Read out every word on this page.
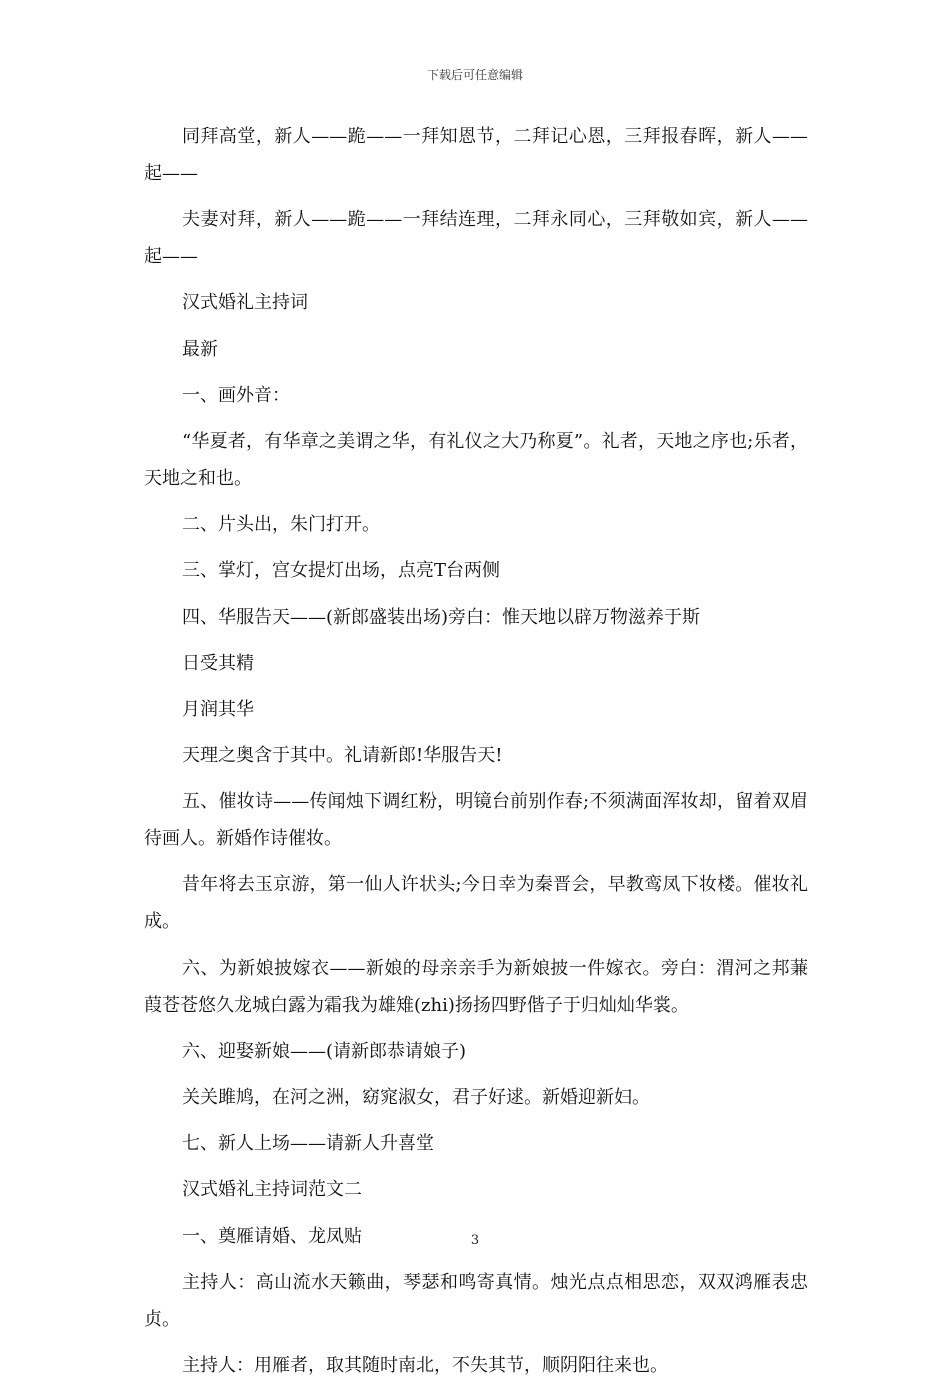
下载后可任意编辑

同拜高堂，新人——跪——一拜知恩节，二拜记心恩，三拜报春晖，新人——起——

夫妻对拜，新人——跪——一拜结连理，二拜永同心，三拜敬如宾，新人——起——

汉式婚礼主持词

最新

一、画外音：

“华夏者，有华章之美谓之华，有礼仪之大乃称夏”。礼者，天地之序也;乐者，天地之和也。

二、片头出，朱门打开。

三、掌灯，宫女提灯出场，点亮T台两侧

四、华服告天——(新郎盛装出场)旁白：惟天地以辟万物滋养于斯

日受其精

月润其华

天理之奥含于其中。礼请新郎!华服告天!

五、催妆诗——传闻烛下调红粉，明镜台前别作春;不须满面浑妆却，留着双眉待画人。新婚作诗催妆。

昔年将去玉京游，第一仙人许状头;今日幸为秦晋会，早教鸾凤下妆楼。催妆礼成。

六、为新娘披嫁衣——新娘的母亲亲手为新娘披一件嫁衣。旁白：渭河之邦蒹葭苍苍悠久龙城白露为霜我为雄雉(zhi)扬扬四野偕子于归灿灿华裳。

六、迎娶新娘——(请新郎恭请娘子)

关关雎鸠，在河之洲，窈窕淑女，君子好逑。新婚迎新妇。

七、新人上场——请新人升喜堂

汉式婚礼主持词范文二

一、奠雁请婚、龙凤贴

主持人：高山流水天籁曲，琴瑟和鸣寄真情。烛光点点相思恋，双双鸿雁表忠贞。

主持人：用雁者，取其随时南北，不失其节，顺阴阳往来也。

3
